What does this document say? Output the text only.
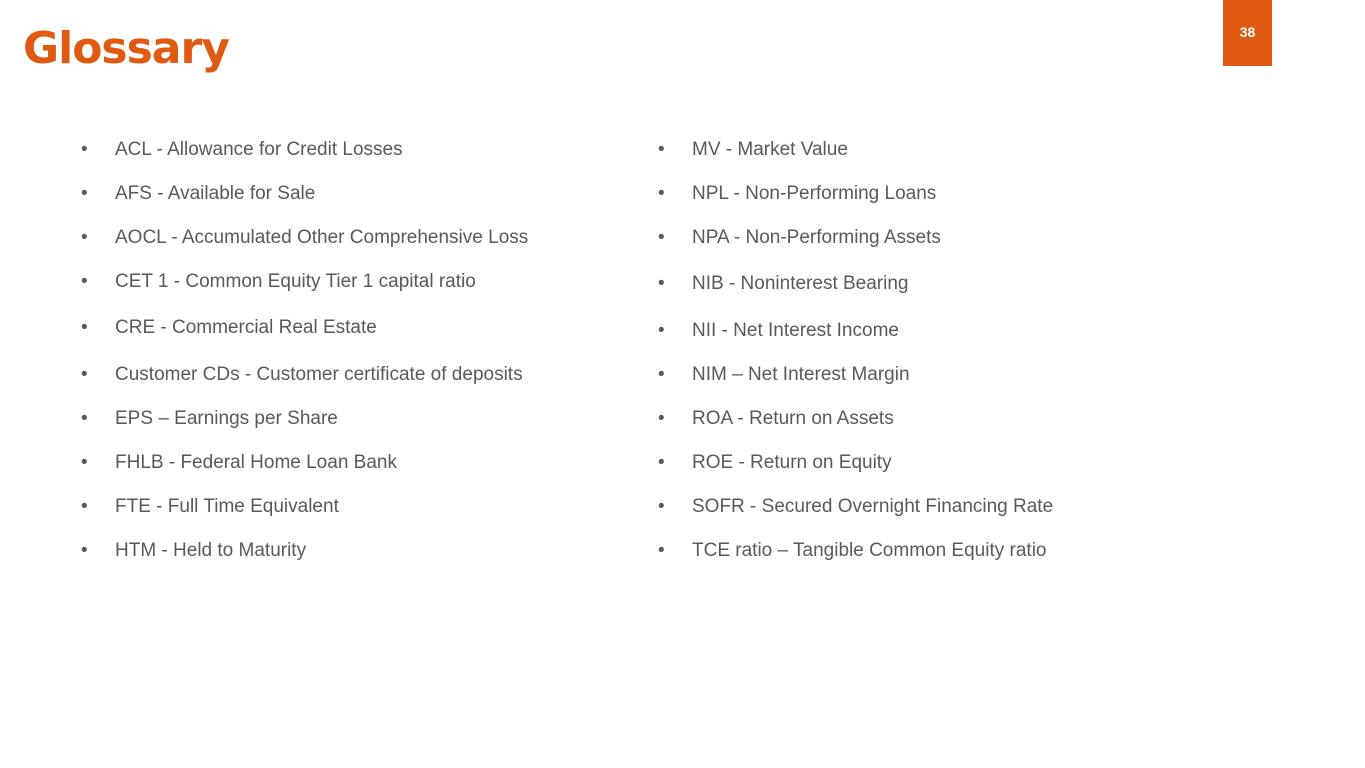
Glossary	38
• ACL - Allowance for Credit Losses
• AFS - Available for Sale
• AOCL - Accumulated Other Comprehensive Loss
• CET 1 - Common Equity Tier 1 capital ratio
• CRE - Commercial Real Estate
• Customer CDs - Customer certificate of deposits
• EPS – Earnings per Share
• FHLB - Federal Home Loan Bank
• FTE - Full Time Equivalent
• HTM - Held to Maturity
• MV - Market Value
• NPL - Non-Performing Loans
• NPA - Non-Performing Assets
• NIB - Noninterest Bearing
• NII - Net Interest Income
• NIM – Net Interest Margin
• ROA - Return on Assets
• ROE - Return on Equity
• SOFR - Secured Overnight Financing Rate
• TCE ratio – Tangible Common Equity ratio
